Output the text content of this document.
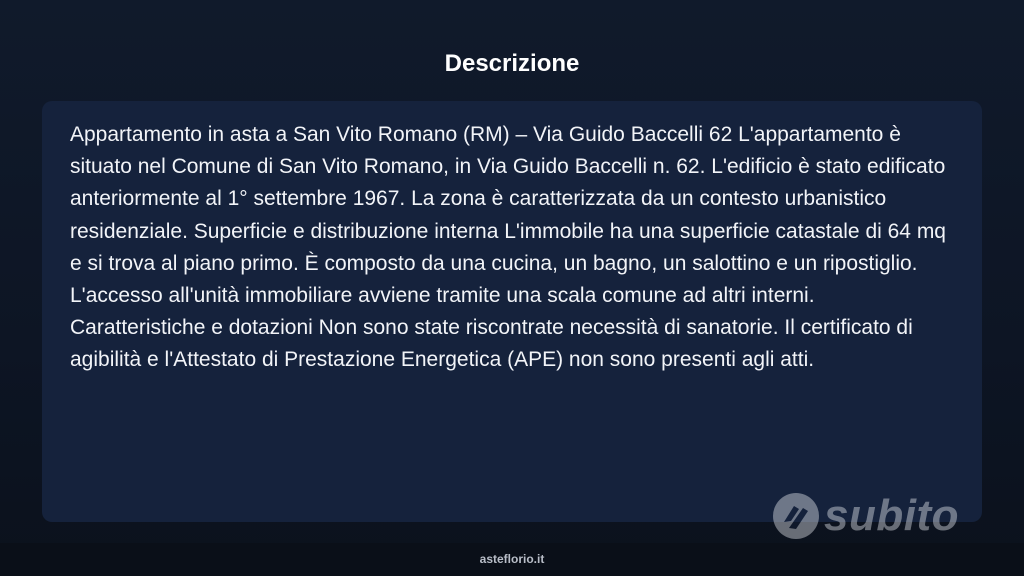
Descrizione

Appartamento in asta a San Vito Romano (RM) – Via Guido Baccelli 62 L'appartamento è situato nel Comune di San Vito Romano, in Via Guido Baccelli n. 62. L'edificio è stato edificato anteriormente al 1° settembre 1967. La zona è caratterizzata da un contesto urbanistico residenziale. Superficie e distribuzione interna L'immobile ha una superficie catastale di 64 mq e si trova al piano primo. È composto da una cucina, un bagno, un salottino e un ripostiglio. L'accesso all'unità immobiliare avviene tramite una scala comune ad altri interni. Caratteristiche e dotazioni Non sono state riscontrate necessità di sanatorie. Il certificato di agibilità e l'Attestato di Prestazione Energetica (APE) non sono presenti agli atti.

subito
asteflorio.it
